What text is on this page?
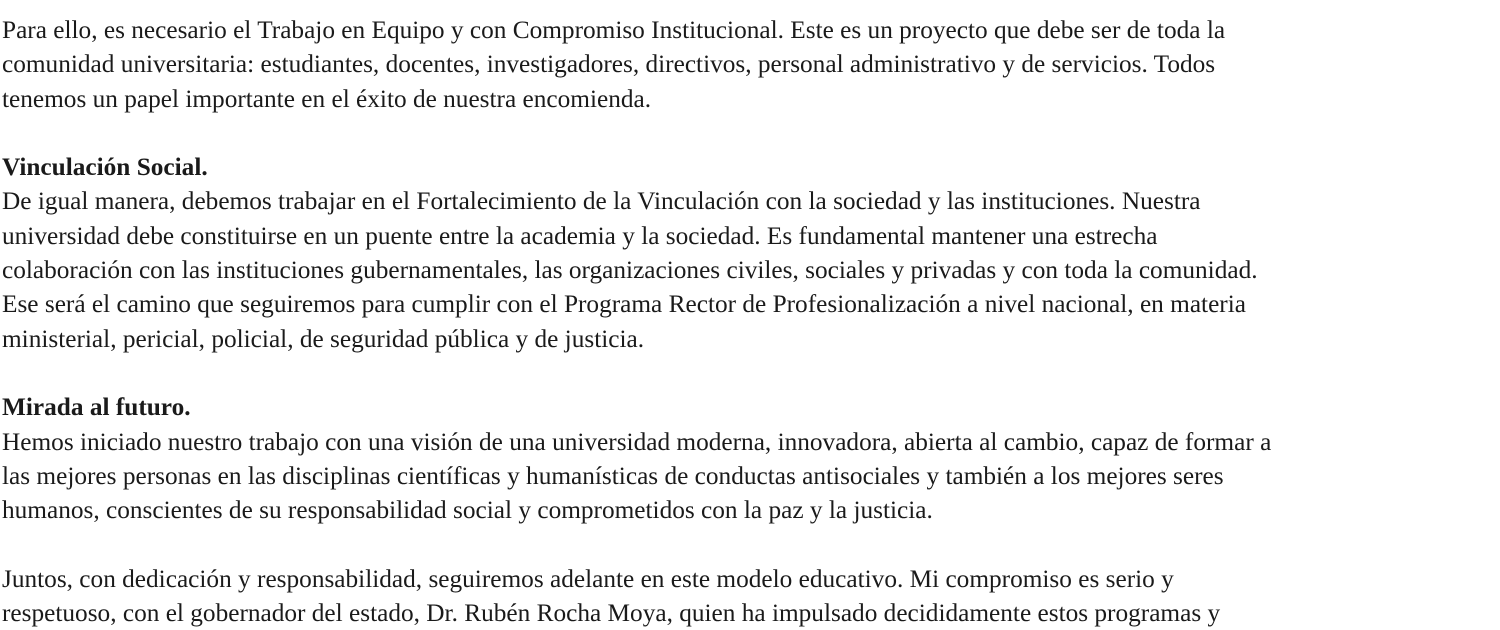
Para ello, es necesario el Trabajo en Equipo y con Compromiso Institucional. Este es un proyecto que debe ser de toda la

comunidad universitaria: estudiantes, docentes, investigadores, directivos, personal administrativo y de servicios. Todos

tenemos un papel importante en el éxito de nuestra encomienda.

Vinculación Social.

De igual manera, debemos trabajar en el Fortalecimiento de la Vinculación con la sociedad y las instituciones. Nuestra

universidad debe constituirse en un puente entre la academia y la sociedad. Es fundamental mantener una estrecha

colaboración con las instituciones gubernamentales, las organizaciones civiles, sociales y privadas y con toda la comunidad.

Ese será el camino que seguiremos para cumplir con el Programa Rector de Profesionalización a nivel nacional, en materia

ministerial, pericial, policial, de seguridad pública y de justicia.

Mirada al futuro.

Hemos iniciado nuestro trabajo con una visión de una universidad moderna, innovadora, abierta al cambio, capaz de formar a

las mejores personas en las disciplinas científicas y humanísticas de conductas antisociales y también a los mejores seres

humanos, conscientes de su responsabilidad social y comprometidos con la paz y la justicia.

Juntos, con dedicación y responsabilidad, seguiremos adelante en este modelo educativo. Mi compromiso es serio y

respetuoso, con el gobernador del estado, Dr. Rubén Rocha Moya, quien ha impulsado decididamente estos programas y
